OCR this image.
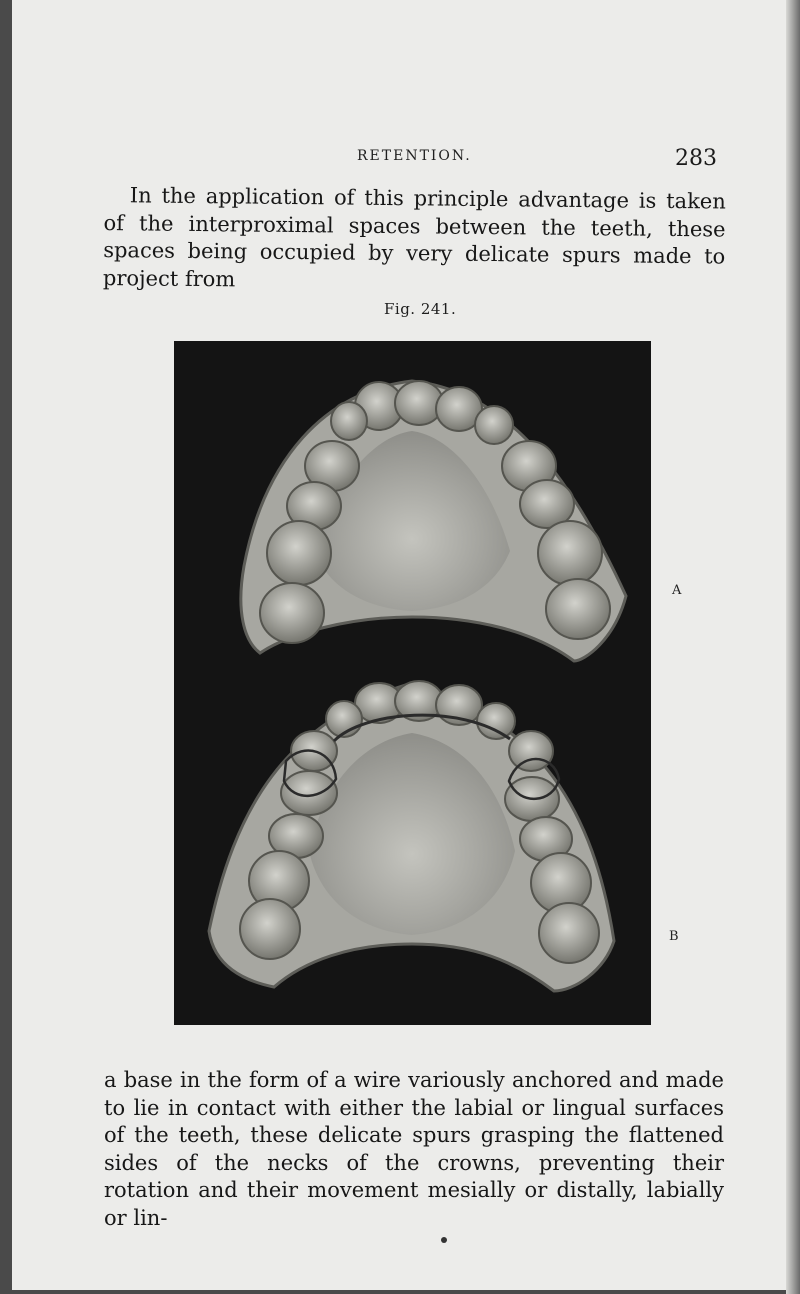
RETENTION.	283

In the application of this principle advantage is taken of the interproximal spaces between the teeth, these spaces being occupied by very delicate spurs made to project from

Fig. 241.
A
B

a base in the form of a wire variously anchored and made to lie in contact with either the labial or lingual surfaces of the teeth, these delicate spurs grasping the flattened sides of the necks of the crowns, preventing their rotation and their movement mesially or distally, labially or lin-
